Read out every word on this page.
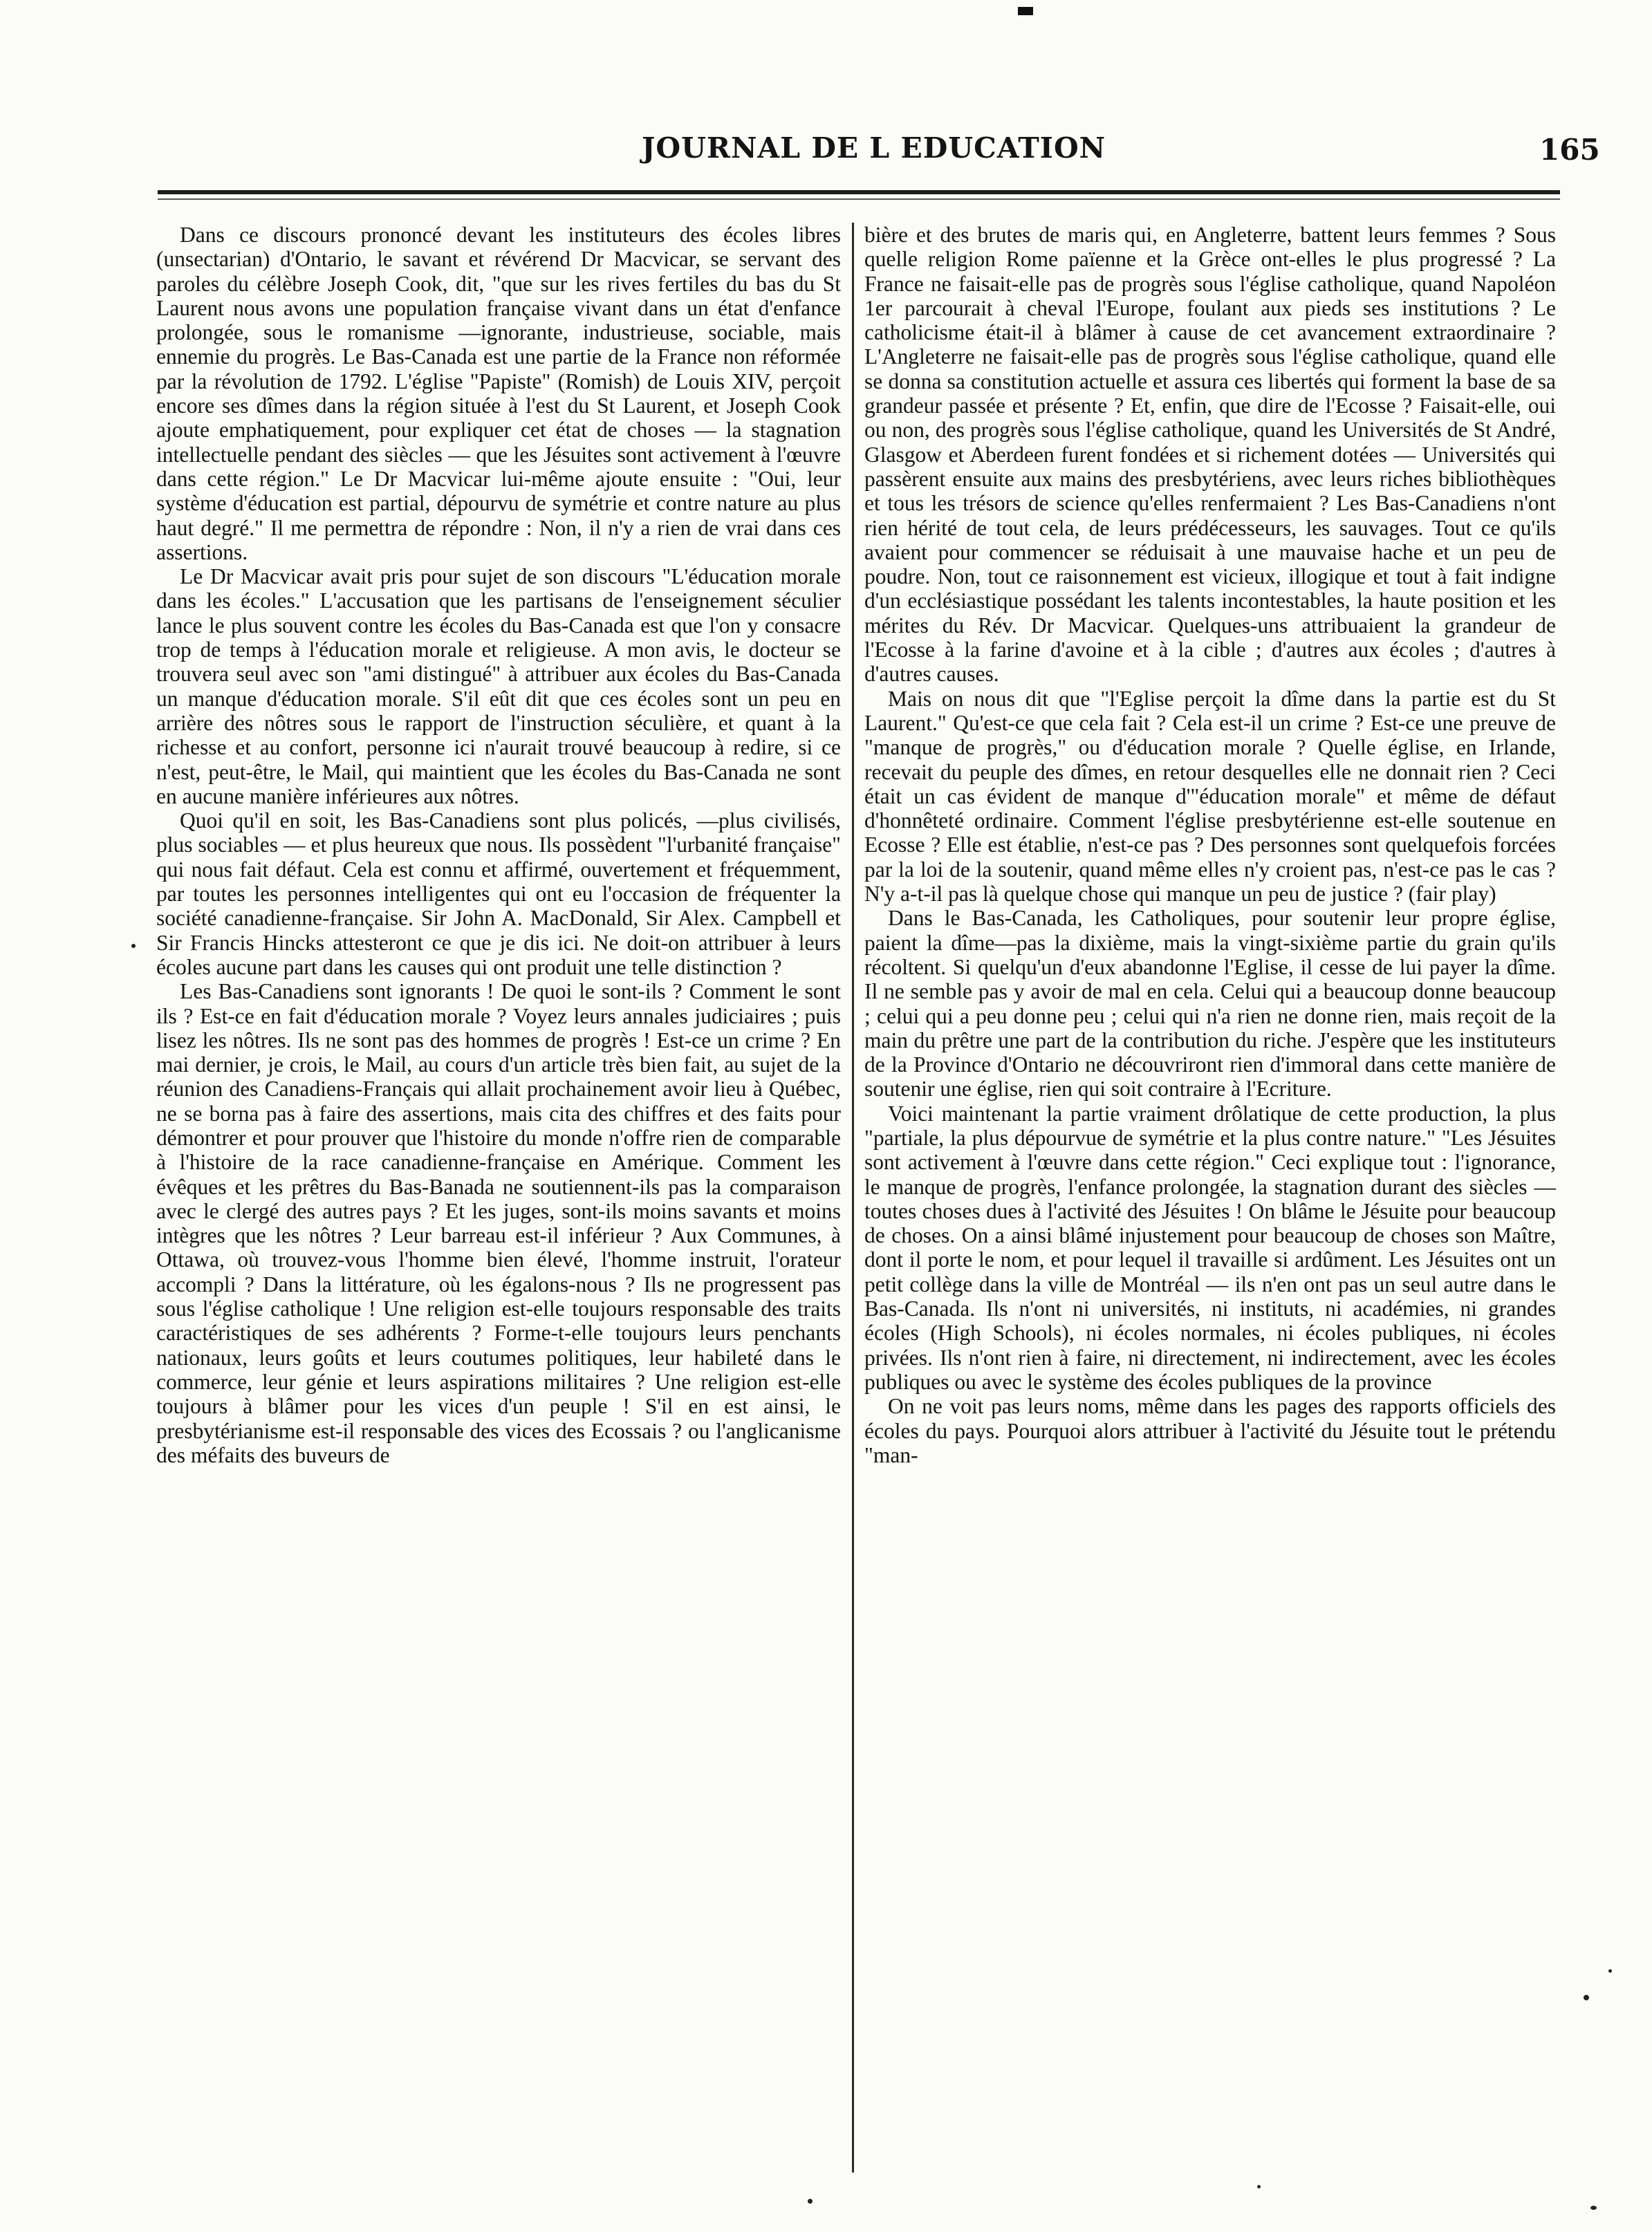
JOURNAL DE L EDUCATION	165

Dans ce discours prononcé devant les instituteurs des écoles libres (unsectarian) d'Ontario, le savant et révérend Dr Macvicar, se servant des paroles du célèbre Joseph Cook, dit, "que sur les rives fertiles du bas du St Laurent nous avons une population française vivant dans un état d'enfance prolongée, sous le romanisme —ignorante, industrieuse, sociable, mais ennemie du progrès. Le Bas-Canada est une partie de la France non réformée par la révolution de 1792. L'église "Papiste" (Romish) de Louis XIV, perçoit encore ses dîmes dans la région située à l'est du St Laurent, et Joseph Cook ajoute emphatiquement, pour expliquer cet état de choses — la stagnation intellectuelle pendant des siècles — que les Jésuites sont activement à l'œuvre dans cette région." Le Dr Macvicar lui-même ajoute ensuite : "Oui, leur système d'éducation est partial, dépourvu de symétrie et contre nature au plus haut degré." Il me permettra de répondre : Non, il n'y a rien de vrai dans ces assertions.

Le Dr Macvicar avait pris pour sujet de son discours "L'éducation morale dans les écoles." L'accusation que les partisans de l'enseignement séculier lance le plus souvent contre les écoles du Bas-Canada est que l'on y consacre trop de temps à l'éducation morale et religieuse. A mon avis, le docteur se trouvera seul avec son "ami distingué" à attribuer aux écoles du Bas-Canada un manque d'éducation morale. S'il eût dit que ces écoles sont un peu en arrière des nôtres sous le rapport de l'instruction séculière, et quant à la richesse et au confort, personne ici n'aurait trouvé beaucoup à redire, si ce n'est, peut-être, le Mail, qui maintient que les écoles du Bas-Canada ne sont en aucune manière inférieures aux nôtres.

Quoi qu'il en soit, les Bas-Canadiens sont plus policés, —plus civilisés, plus sociables — et plus heureux que nous. Ils possèdent "l'urbanité française" qui nous fait défaut. Cela est connu et affirmé, ouvertement et fréquemment, par toutes les personnes intelligentes qui ont eu l'occasion de fréquenter la société canadienne-française. Sir John A. MacDonald, Sir Alex. Campbell et Sir Francis Hincks attesteront ce que je dis ici. Ne doit-on attribuer à leurs écoles aucune part dans les causes qui ont produit une telle distinction ?

Les Bas-Canadiens sont ignorants ! De quoi le sont-ils ? Comment le sont ils ? Est-ce en fait d'éducation morale ? Voyez leurs annales judiciaires ; puis lisez les nôtres. Ils ne sont pas des hommes de progrès ! Est-ce un crime ? En mai dernier, je crois, le Mail, au cours d'un article très bien fait, au sujet de la réunion des Canadiens-Français qui allait prochainement avoir lieu à Québec, ne se borna pas à faire des assertions, mais cita des chiffres et des faits pour démontrer et pour prouver que l'histoire du monde n'offre rien de comparable à l'histoire de la race canadienne-française en Amérique. Comment les évêques et les prêtres du Bas-Banada ne soutiennent-ils pas la comparaison avec le clergé des autres pays ? Et les juges, sont-ils moins savants et moins intègres que les nôtres ? Leur barreau est-il inférieur ? Aux Communes, à Ottawa, où trouvez-vous l'homme bien élevé, l'homme instruit, l'orateur accompli ? Dans la littérature, où les égalons-nous ? Ils ne progressent pas sous l'église catholique ! Une religion est-elle toujours responsable des traits caractéristiques de ses adhérents ? Forme-t-elle toujours leurs penchants nationaux, leurs goûts et leurs coutumes politiques, leur habileté dans le commerce, leur génie et leurs aspirations militaires ? Une religion est-elle toujours à blâmer pour les vices d'un peuple ! S'il en est ainsi, le presbytérianisme est-il responsable des vices des Ecossais ? ou l'anglicanisme des méfaits des buveurs de

bière et des brutes de maris qui, en Angleterre, battent leurs femmes ? Sous quelle religion Rome païenne et la Grèce ont-elles le plus progressé ? La France ne faisait-elle pas de progrès sous l'église catholique, quand Napoléon 1er parcourait à cheval l'Europe, foulant aux pieds ses institutions ? Le catholicisme était-il à blâmer à cause de cet avancement extraordinaire ? L'Angleterre ne faisait-elle pas de progrès sous l'église catholique, quand elle se donna sa constitution actuelle et assura ces libertés qui forment la base de sa grandeur passée et présente ? Et, enfin, que dire de l'Ecosse ? Faisait-elle, oui ou non, des progrès sous l'église catholique, quand les Universités de St André, Glasgow et Aberdeen furent fondées et si richement dotées — Universités qui passèrent ensuite aux mains des presbytériens, avec leurs riches bibliothèques et tous les trésors de science qu'elles renfermaient ? Les Bas-Canadiens n'ont rien hérité de tout cela, de leurs prédécesseurs, les sauvages. Tout ce qu'ils avaient pour commencer se réduisait à une mauvaise hache et un peu de poudre. Non, tout ce raisonnement est vicieux, illogique et tout à fait indigne d'un ecclésiastique possédant les talents incontestables, la haute position et les mérites du Rév. Dr Macvicar. Quelques-uns attribuaient la grandeur de l'Ecosse à la farine d'avoine et à la cible ; d'autres aux écoles ; d'autres à d'autres causes.

Mais on nous dit que "l'Eglise perçoit la dîme dans la partie est du St Laurent." Qu'est-ce que cela fait ? Cela est-il un crime ? Est-ce une preuve de "manque de progrès," ou d'éducation morale ? Quelle église, en Irlande, recevait du peuple des dîmes, en retour desquelles elle ne donnait rien ? Ceci était un cas évident de manque d'"éducation morale" et même de défaut d'honnêteté ordinaire. Comment l'église presbytérienne est-elle soutenue en Ecosse ? Elle est établie, n'est-ce pas ? Des personnes sont quelquefois forcées par la loi de la soutenir, quand même elles n'y croient pas, n'est-ce pas le cas ? N'y a-t-il pas là quelque chose qui manque un peu de justice ? (fair play)

Dans le Bas-Canada, les Catholiques, pour soutenir leur propre église, paient la dîme—pas la dixième, mais la vingt-sixième partie du grain qu'ils récoltent. Si quelqu'un d'eux abandonne l'Eglise, il cesse de lui payer la dîme. Il ne semble pas y avoir de mal en cela. Celui qui a beaucoup donne beaucoup ; celui qui a peu donne peu ; celui qui n'a rien ne donne rien, mais reçoit de la main du prêtre une part de la contribution du riche. J'espère que les instituteurs de la Province d'Ontario ne découvriront rien d'immoral dans cette manière de soutenir une église, rien qui soit contraire à l'Ecriture.

Voici maintenant la partie vraiment drôlatique de cette production, la plus "partiale, la plus dépourvue de symétrie et la plus contre nature." "Les Jésuites sont activement à l'œuvre dans cette région." Ceci explique tout : l'ignorance, le manque de progrès, l'enfance prolongée, la stagnation durant des siècles — toutes choses dues à l'activité des Jésuites ! On blâme le Jésuite pour beaucoup de choses. On a ainsi blâmé injustement pour beaucoup de choses son Maître, dont il porte le nom, et pour lequel il travaille si ardûment. Les Jésuites ont un petit collège dans la ville de Montréal — ils n'en ont pas un seul autre dans le Bas-Canada. Ils n'ont ni universités, ni instituts, ni académies, ni grandes écoles (High Schools), ni écoles normales, ni écoles publiques, ni écoles privées. Ils n'ont rien à faire, ni directement, ni indirectement, avec les écoles publiques ou avec le système des écoles publiques de la province

On ne voit pas leurs noms, même dans les pages des rapports officiels des écoles du pays. Pourquoi alors attribuer à l'activité du Jésuite tout le prétendu "man-
